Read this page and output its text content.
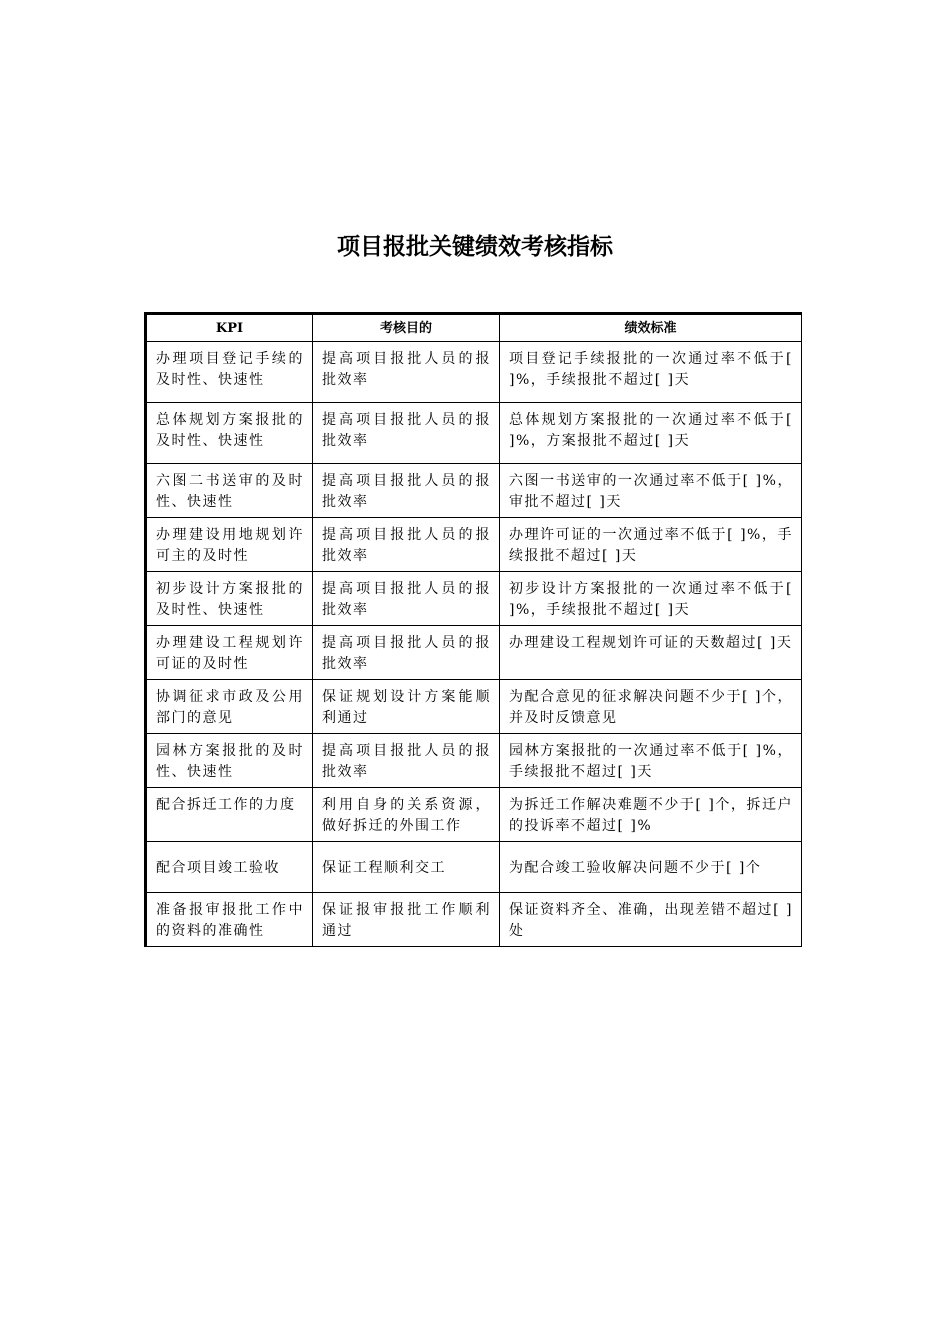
项目报批关键绩效考核指标
KPI	考核目的	绩效标准
办理项目登记手续的及时性、快速性	提高项目报批人员的报批效率	项目登记手续报批的一次通过率不低于[ ]%，手续报批不超过[ ]天
总体规划方案报批的及时性、快速性	提高项目报批人员的报批效率	总体规划方案报批的一次通过率不低于[ ]%，方案报批不超过[ ]天
六图二书送审的及时性、快速性	提高项目报批人员的报批效率	六图一书送审的一次通过率不低于[ ]%，审批不超过[ ]天
办理建设用地规划许可主的及时性	提高项目报批人员的报批效率	办理许可证的一次通过率不低于[ ]%，手续报批不超过[ ]天
初步设计方案报批的及时性、快速性	提高项目报批人员的报批效率	初步设计方案报批的一次通过率不低于[ ]%，手续报批不超过[ ]天
办理建设工程规划许可证的及时性	提高项目报批人员的报批效率	办理建设工程规划许可证的天数超过[ ]天
协调征求市政及公用部门的意见	保证规划设计方案能顺利通过	为配合意见的征求解决问题不少于[ ]个，并及时反馈意见
园林方案报批的及时性、快速性	提高项目报批人员的报批效率	园林方案报批的一次通过率不低于[ ]%，手续报批不超过[ ]天
配合拆迁工作的力度	利用自身的关系资源，做好拆迁的外围工作	为拆迁工作解决难题不少于[ ]个，拆迁户的投诉率不超过[ ]%
配合项目竣工验收	保证工程顺利交工	为配合竣工验收解决问题不少于[ ]个
准备报审报批工作中的资料的准确性	保证报审报批工作顺利通过	保证资料齐全、准确，出现差错不超过[ ]处
